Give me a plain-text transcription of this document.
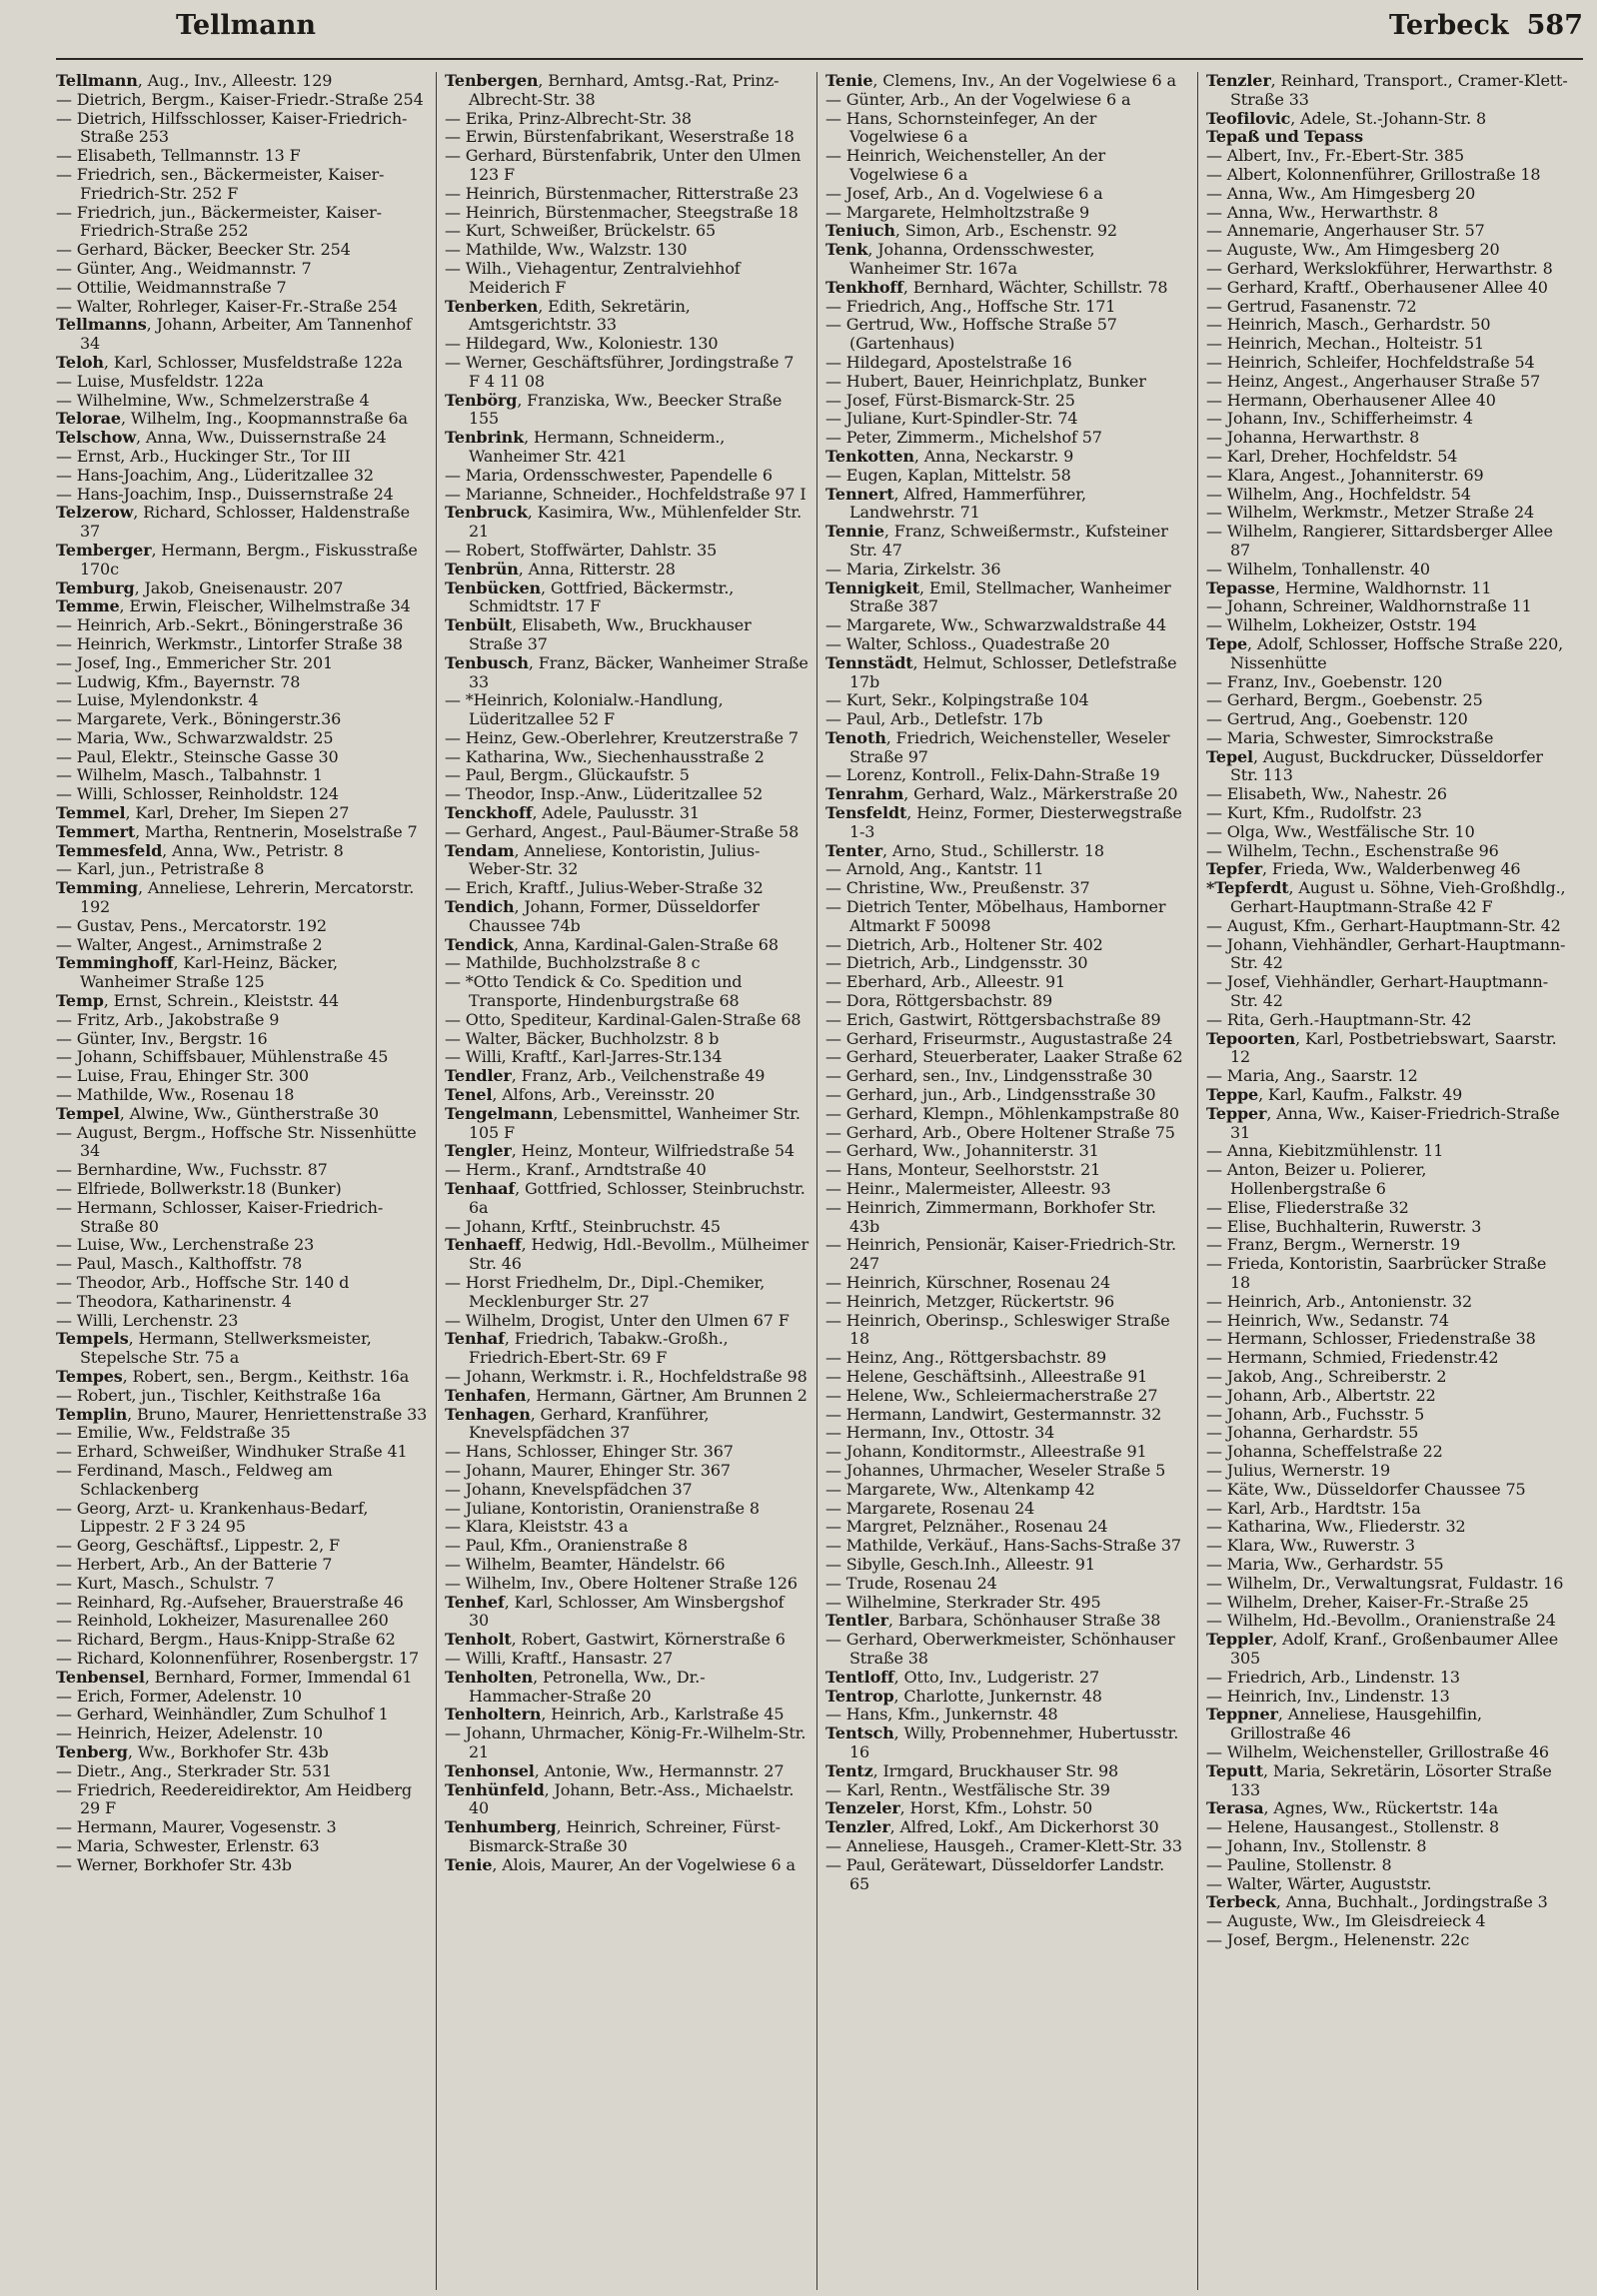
Tellmann	Terbeck 587
Tellmann, Aug., Inv., Alleestr. 129
— Dietrich, Bergm., Kaiser-Friedr.-Straße 254
— Dietrich, Hilfsschlosser, Kaiser-Friedrich-Straße 253
— Elisabeth, Tellmannstr. 13 F
— Friedrich, sen., Bäckermeister, Kaiser-Friedrich-Str. 252 F
— Friedrich, jun., Bäckermeister, Kaiser-Friedrich-Straße 252
— Gerhard, Bäcker, Beecker Str. 254
— Günter, Ang., Weidmannstr. 7
— Ottilie, Weidmannstraße 7
— Walter, Rohrleger, Kaiser-Fr.-Straße 254
Tellmanns, Johann, Arbeiter, Am Tannenhof 34
Teloh, Karl, Schlosser, Musfeldstraße 122a
— Luise, Musfeldstr. 122a
— Wilhelmine, Ww., Schmelzerstraße 4
Telorae, Wilhelm, Ing., Koopmannstraße 6a
Telschow, Anna, Ww., Duissernstraße 24
— Ernst, Arb., Huckinger Str., Tor III
— Hans-Joachim, Ang., Lüderitzallee 32
— Hans-Joachim, Insp., Duissernstraße 24
Telzerow, Richard, Schlosser, Haldenstraße 37
Temberger, Hermann, Bergm., Fiskusstraße 170c
Temburg, Jakob, Gneisenaustr. 207
Temme, Erwin, Fleischer, Wilhelmstraße 34
— Heinrich, Arb.-Sekrt., Böningerstraße 36
— Heinrich, Werkmstr., Lintorfer Straße 38
— Josef, Ing., Emmericher Str. 201
— Ludwig, Kfm., Bayernstr. 78
— Luise, Mylendonkstr. 4
— Margarete, Verk., Böningerstr.36
— Maria, Ww., Schwarzwaldstr. 25
— Paul, Elektr., Steinsche Gasse 30
— Wilhelm, Masch., Talbahnstr. 1
— Willi, Schlosser, Reinholdstr. 124
Temmel, Karl, Dreher, Im Siepen 27
Temmert, Martha, Rentnerin, Moselstraße 7
Temmesfeld, Anna, Ww., Petristr. 8
— Karl, jun., Petristraße 8
Temming, Anneliese, Lehrerin, Mercatorstr. 192
— Gustav, Pens., Mercatorstr. 192
— Walter, Angest., Arnimstraße 2
Temminghoff, Karl-Heinz, Bäcker, Wanheimer Straße 125
Temp, Ernst, Schrein., Kleiststr. 44
— Fritz, Arb., Jakobstraße 9
— Günter, Inv., Bergstr. 16
— Johann, Schiffsbauer, Mühlenstraße 45
— Luise, Frau, Ehinger Str. 300
— Mathilde, Ww., Rosenau 18
Tempel, Alwine, Ww., Güntherstraße 30
— August, Bergm., Hoffsche Str. Nissenhütte 34
— Bernhardine, Ww., Fuchsstr. 87
— Elfriede, Bollwerkstr.18 (Bunker)
— Hermann, Schlosser, Kaiser-Friedrich-Straße 80
— Luise, Ww., Lerchenstraße 23
— Paul, Masch., Kalthoffstr. 78
— Theodor, Arb., Hoffsche Str. 140 d
— Theodora, Katharinenstr. 4
— Willi, Lerchenstr. 23
Tempels, Hermann, Stellwerksmeister, Stepelsche Str. 75 a
Tempes, Robert, sen., Bergm., Keithstr. 16a
— Robert, jun., Tischler, Keithstraße 16a
Templin, Bruno, Maurer, Henriettenstraße 33
— Emilie, Ww., Feldstraße 35
— Erhard, Schweißer, Windhuker Straße 41
— Ferdinand, Masch., Feldweg am Schlackenberg
— Georg, Arzt- u. Krankenhaus-Bedarf, Lippestr. 2 F 3 24 95
— Georg, Geschäftsf., Lippestr. 2, F
— Herbert, Arb., An der Batterie 7
— Kurt, Masch., Schulstr. 7
— Reinhard, Rg.-Aufseher, Brauerstraße 46
— Reinhold, Lokheizer, Masurenallee 260
— Richard, Bergm., Haus-Knipp-Straße 62
— Richard, Kolonnenführer, Rosenbergstr. 17
Tenbensel, Bernhard, Former, Immendal 61
— Erich, Former, Adelenstr. 10
— Gerhard, Weinhändler, Zum Schulhof 1
— Heinrich, Heizer, Adelenstr. 10
Tenberg, Ww., Borkhofer Str. 43b
— Dietr., Ang., Sterkrader Str. 531
— Friedrich, Reedereidirektor, Am Heidberg 29 F
— Hermann, Maurer, Vogesenstr. 3
— Maria, Schwester, Erlenstr. 63
— Werner, Borkhofer Str. 43b
Tenbergen, Bernhard, Amtsg.-Rat, Prinz-Albrecht-Str. 38
— Erika, Prinz-Albrecht-Str. 38
— Erwin, Bürstenfabrikant, Weserstraße 18
— Gerhard, Bürstenfabrik, Unter den Ulmen 123 F
— Heinrich, Bürstenmacher, Ritterstraße 23
— Heinrich, Bürstenmacher, Steegstraße 18
— Kurt, Schweißer, Brückelstr. 65
— Mathilde, Ww., Walzstr. 130
— Wilh., Viehagentur, Zentralviehhof Meiderich F
Tenberken, Edith, Sekretärin, Amtsgerichtstr. 33
— Hildegard, Ww., Koloniestr. 130
— Werner, Geschäftsführer, Jordingstraße 7 F 4 11 08
Tenbörg, Franziska, Ww., Beecker Straße 155
Tenbrink, Hermann, Schneiderm., Wanheimer Str. 421
— Maria, Ordensschwester, Papendelle 6
— Marianne, Schneider., Hochfeldstraße 97 I
Tenbruck, Kasimira, Ww., Mühlenfelder Str. 21
— Robert, Stoffwärter, Dahlstr. 35
Tenbrün, Anna, Ritterstr. 28
Tenbücken, Gottfried, Bäckermstr., Schmidtstr. 17 F
Tenbült, Elisabeth, Ww., Bruckhauser Straße 37
Tenbusch, Franz, Bäcker, Wanheimer Straße 33
— *Heinrich, Kolonialw.-Handlung, Lüderitzallee 52 F
— Heinz, Gew.-Oberlehrer, Kreutzerstraße 7
— Katharina, Ww., Siechenhausstraße 2
— Paul, Bergm., Glückaufstr. 5
— Theodor, Insp.-Anw., Lüderitzallee 52
Tenckhoff, Adele, Paulusstr. 31
— Gerhard, Angest., Paul-Bäumer-Straße 58
Tendam, Anneliese, Kontoristin, Julius-Weber-Str. 32
— Erich, Kraftf., Julius-Weber-Straße 32
Tendich, Johann, Former, Düsseldorfer Chaussee 74b
Tendick, Anna, Kardinal-Galen-Straße 68
— Mathilde, Buchholzstraße 8 c
— *Otto Tendick & Co. Spedition und Transporte, Hindenburgstraße 68
— Otto, Spediteur, Kardinal-Galen-Straße 68
— Walter, Bäcker, Buchholzstr. 8 b
— Willi, Kraftf., Karl-Jarres-Str.134
Tendler, Franz, Arb., Veilchenstraße 49
Tenel, Alfons, Arb., Vereinsstr. 20
Tengelmann, Lebensmittel, Wanheimer Str. 105 F
Tengler, Heinz, Monteur, Wilfriedstraße 54
— Herm., Kranf., Arndtstraße 40
Tenhaaf, Gottfried, Schlosser, Steinbruchstr. 6a
— Johann, Krftf., Steinbruchstr. 45
Tenhaeff, Hedwig, Hdl.-Bevollm., Mülheimer Str. 46
— Horst Friedhelm, Dr., Dipl.-Chemiker, Mecklenburger Str. 27
— Wilhelm, Drogist, Unter den Ulmen 67 F
Tenhaf, Friedrich, Tabakw.-Großh., Friedrich-Ebert-Str. 69 F
— Johann, Werkmstr. i. R., Hochfeldstraße 98
Tenhafen, Hermann, Gärtner, Am Brunnen 2
Tenhagen, Gerhard, Kranführer, Knevelspfädchen 37
— Hans, Schlosser, Ehinger Str. 367
— Johann, Maurer, Ehinger Str. 367
— Johann, Knevelspfädchen 37
— Juliane, Kontoristin, Oranienstraße 8
— Klara, Kleiststr. 43 a
— Paul, Kfm., Oranienstraße 8
— Wilhelm, Beamter, Händelstr. 66
— Wilhelm, Inv., Obere Holtener Straße 126
Tenhef, Karl, Schlosser, Am Winsbergshof 30
Tenholt, Robert, Gastwirt, Körnerstraße 6
— Willi, Kraftf., Hansastr. 27
Tenholten, Petronella, Ww., Dr.-Hammacher-Straße 20
Tenholtern, Heinrich, Arb., Karlstraße 45
— Johann, Uhrmacher, König-Fr.-Wilhelm-Str. 21
Tenhonsel, Antonie, Ww., Hermannstr. 27
Tenhünfeld, Johann, Betr.-Ass., Michaelstr. 40
Tenhumberg, Heinrich, Schreiner, Fürst-Bismarck-Straße 30
Tenie, Alois, Maurer, An der Vogelwiese 6 a
Tenie, Clemens, Inv., An der Vogelwiese 6 a
— Günter, Arb., An der Vogelwiese 6 a
— Hans, Schornsteinfeger, An der Vogelwiese 6 a
— Heinrich, Weichensteller, An der Vogelwiese 6 a
— Josef, Arb., An d. Vogelwiese 6 a
— Margarete, Helmholtzstraße 9
Teniuch, Simon, Arb., Eschenstr. 92
Tenk, Johanna, Ordensschwester, Wanheimer Str. 167a
Tenkhoff, Bernhard, Wächter, Schillstr. 78
— Friedrich, Ang., Hoffsche Str. 171
— Gertrud, Ww., Hoffsche Straße 57 (Gartenhaus)
— Hildegard, Apostelstraße 16
— Hubert, Bauer, Heinrichplatz, Bunker
— Josef, Fürst-Bismarck-Str. 25
— Juliane, Kurt-Spindler-Str. 74
— Peter, Zimmerm., Michelshof 57
Tenkotten, Anna, Neckarstr. 9
— Eugen, Kaplan, Mittelstr. 58
Tennert, Alfred, Hammerführer, Landwehrstr. 71
Tennie, Franz, Schweißermstr., Kufsteiner Str. 47
— Maria, Zirkelstr. 36
Tennigkeit, Emil, Stellmacher, Wanheimer Straße 387
— Margarete, Ww., Schwarzwaldstraße 44
— Walter, Schloss., Quadestraße 20
Tennstädt, Helmut, Schlosser, Detlefstraße 17b
— Kurt, Sekr., Kolpingstraße 104
— Paul, Arb., Detlefstr. 17b
Tenoth, Friedrich, Weichensteller, Weseler Straße 97
— Lorenz, Kontroll., Felix-Dahn-Straße 19
Tenrahm, Gerhard, Walz., Märkerstraße 20
Tensfeldt, Heinz, Former, Diesterwegstraße 1-3
Tenter, Arno, Stud., Schillerstr. 18
— Arnold, Ang., Kantstr. 11
— Christine, Ww., Preußenstr. 37
— Dietrich Tenter, Möbelhaus, Hamborner Altmarkt F 50098
— Dietrich, Arb., Holtener Str. 402
— Dietrich, Arb., Lindgensstr. 30
— Eberhard, Arb., Alleestr. 91
— Dora, Röttgersbachstr. 89
— Erich, Gastwirt, Röttgersbachstraße 89
— Gerhard, Friseurmstr., Augustastraße 24
— Gerhard, Steuerberater, Laaker Straße 62
— Gerhard, sen., Inv., Lindgensstraße 30
— Gerhard, jun., Arb., Lindgensstraße 30
— Gerhard, Klempn., Möhlenkampstraße 80
— Gerhard, Arb., Obere Holtener Straße 75
— Gerhard, Ww., Johanniterstr. 31
— Hans, Monteur, Seelhorststr. 21
— Heinr., Malermeister, Alleestr. 93
— Heinrich, Zimmermann, Borkhofer Str. 43b
— Heinrich, Pensionär, Kaiser-Friedrich-Str. 247
— Heinrich, Kürschner, Rosenau 24
— Heinrich, Metzger, Rückertstr. 96
— Heinrich, Oberinsp., Schleswiger Straße 18
— Heinz, Ang., Röttgersbachstr. 89
— Helene, Geschäftsinh., Alleestraße 91
— Helene, Ww., Schleiermacherstraße 27
— Hermann, Landwirt, Gestermannstr. 32
— Hermann, Inv., Ottostr. 34
— Johann, Konditormstr., Alleestraße 91
— Johannes, Uhrmacher, Weseler Straße 5
— Margarete, Ww., Altenkamp 42
— Margarete, Rosenau 24
— Margret, Pelznäher., Rosenau 24
— Mathilde, Verkäuf., Hans-Sachs-Straße 37
— Sibylle, Gesch.Inh., Alleestr. 91
— Trude, Rosenau 24
— Wilhelmine, Sterkrader Str. 495
Tentler, Barbara, Schönhauser Straße 38
— Gerhard, Oberwerkmeister, Schönhauser Straße 38
Tentloff, Otto, Inv., Ludgeristr. 27
Tentrop, Charlotte, Junkernstr. 48
— Hans, Kfm., Junkernstr. 48
Tentsch, Willy, Probennehmer, Hubertusstr. 16
Tentz, Irmgard, Bruckhauser Str. 98
— Karl, Rentn., Westfälische Str. 39
Tenzeler, Horst, Kfm., Lohstr. 50
Tenzler, Alfred, Lokf., Am Dickerhorst 30
— Anneliese, Hausgeh., Cramer-Klett-Str. 33
— Paul, Gerätewart, Düsseldorfer Landstr. 65
Tenzler, Reinhard, Transport., Cramer-Klett-Straße 33
Teofilovic, Adele, St.-Johann-Str. 8
Tepaß und Tepass
— Albert, Inv., Fr.-Ebert-Str. 385
— Albert, Kolonnenführer, Grillostraße 18
— Anna, Ww., Am Himgesberg 20
— Anna, Ww., Herwarthstr. 8
— Annemarie, Angerhauser Str. 57
— Auguste, Ww., Am Himgesberg 20
— Gerhard, Werkslokführer, Herwarthstr. 8
— Gerhard, Kraftf., Oberhausener Allee 40
— Gertrud, Fasanenstr. 72
— Heinrich, Masch., Gerhardstr. 50
— Heinrich, Mechan., Holteistr. 51
— Heinrich, Schleifer, Hochfeldstraße 54
— Heinz, Angest., Angerhauser Straße 57
— Hermann, Oberhausener Allee 40
— Johann, Inv., Schifferheimstr. 4
— Johanna, Herwarthstr. 8
— Karl, Dreher, Hochfeldstr. 54
— Klara, Angest., Johanniterstr. 69
— Wilhelm, Ang., Hochfeldstr. 54
— Wilhelm, Werkmstr., Metzer Straße 24
— Wilhelm, Rangierer, Sittardsberger Allee 87
— Wilhelm, Tonhallenstr. 40
Tepasse, Hermine, Waldhornstr. 11
— Johann, Schreiner, Waldhornstraße 11
— Wilhelm, Lokheizer, Oststr. 194
Tepe, Adolf, Schlosser, Hoffsche Straße 220, Nissenhütte
— Franz, Inv., Goebenstr. 120
— Gerhard, Bergm., Goebenstr. 25
— Gertrud, Ang., Goebenstr. 120
— Maria, Schwester, Simrockstraße
Tepel, August, Buckdrucker, Düsseldorfer Str. 113
— Elisabeth, Ww., Nahestr. 26
— Kurt, Kfm., Rudolfstr. 23
— Olga, Ww., Westfälische Str. 10
— Wilhelm, Techn., Eschenstraße 96
Tepfer, Frieda, Ww., Walderbenweg 46
*Tepferdt, August u. Söhne, Vieh-Großhdlg., Gerhart-Hauptmann-Straße 42 F
— August, Kfm., Gerhart-Hauptmann-Str. 42
— Johann, Viehhändler, Gerhart-Hauptmann-Str. 42
— Josef, Viehhändler, Gerhart-Hauptmann-Str. 42
— Rita, Gerh.-Hauptmann-Str. 42
Tepoorten, Karl, Postbetriebswart, Saarstr. 12
— Maria, Ang., Saarstr. 12
Teppe, Karl, Kaufm., Falkstr. 49
Tepper, Anna, Ww., Kaiser-Friedrich-Straße 31
— Anna, Kiebitzmühlenstr. 11
— Anton, Beizer u. Polierer, Hollenbergstraße 6
— Elise, Fliederstraße 32
— Elise, Buchhalterin, Ruwerstr. 3
— Franz, Bergm., Wernerstr. 19
— Frieda, Kontoristin, Saarbrücker Straße 18
— Heinrich, Arb., Antonienstr. 32
— Heinrich, Ww., Sedanstr. 74
— Hermann, Schlosser, Friedenstraße 38
— Hermann, Schmied, Friedenstr.42
— Jakob, Ang., Schreiberstr. 2
— Johann, Arb., Albertstr. 22
— Johann, Arb., Fuchsstr. 5
— Johanna, Gerhardstr. 55
— Johanna, Scheffelstraße 22
— Julius, Wernerstr. 19
— Käte, Ww., Düsseldorfer Chaussee 75
— Karl, Arb., Hardtstr. 15a
— Katharina, Ww., Fliederstr. 32
— Klara, Ww., Ruwerstr. 3
— Maria, Ww., Gerhardstr. 55
— Wilhelm, Dr., Verwaltungsrat, Fuldastr. 16
— Wilhelm, Dreher, Kaiser-Fr.-Straße 25
— Wilhelm, Hd.-Bevollm., Oranienstraße 24
Teppler, Adolf, Kranf., Großenbaumer Allee 305
— Friedrich, Arb., Lindenstr. 13
— Heinrich, Inv., Lindenstr. 13
Teppner, Anneliese, Hausgehilfin, Grillostraße 46
— Wilhelm, Weichensteller, Grillostraße 46
Teputt, Maria, Sekretärin, Lösorter Straße 133
Terasa, Agnes, Ww., Rückertstr. 14a
— Helene, Hausangest., Stollenstr. 8
— Johann, Inv., Stollenstr. 8
— Pauline, Stollenstr. 8
— Walter, Wärter, Auguststr.
Terbeck, Anna, Buchhalt., Jordingstraße 3
— Auguste, Ww., Im Gleisdreieck 4
— Josef, Bergm., Helenenstr. 22c
